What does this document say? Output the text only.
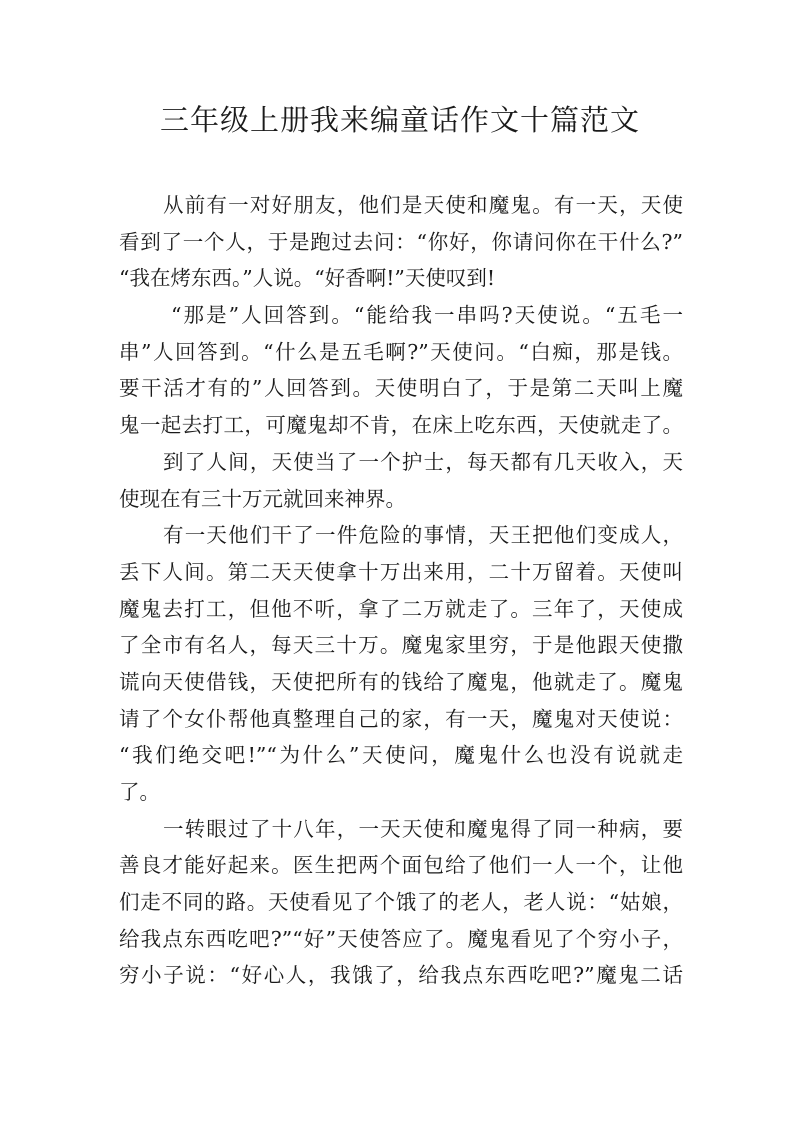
三年级上册我来编童话作文十篇范文
从前有一对好朋友，他们是天使和魔鬼。有一天，天使
看到了一个人，于是跑过去问：“你好，你请问你在干什么?”
“我在烤东西。”人说。“好香啊!”天使叹到!
“那是”人回答到。“能给我一串吗?天使说。“五毛一
串”人回答到。“什么是五毛啊?”天使问。“白痴，那是钱。
要干活才有的”人回答到。天使明白了，于是第二天叫上魔
鬼一起去打工，可魔鬼却不肯，在床上吃东西，天使就走了。
到了人间，天使当了一个护士，每天都有几天收入，天
使现在有三十万元就回来神界。
有一天他们干了一件危险的事情，天王把他们变成人，
丢下人间。第二天天使拿十万出来用，二十万留着。天使叫
魔鬼去打工，但他不听，拿了二万就走了。三年了，天使成
了全市有名人，每天三十万。魔鬼家里穷，于是他跟天使撒
谎向天使借钱，天使把所有的钱给了魔鬼，他就走了。魔鬼
请了个女仆帮他真整理自己的家，有一天，魔鬼对天使说：
“我们绝交吧!”“为什么”天使问，魔鬼什么也没有说就走
了。
一转眼过了十八年，一天天使和魔鬼得了同一种病，要
善良才能好起来。医生把两个面包给了他们一人一个，让他
们走不同的路。天使看见了个饿了的老人，老人说：“姑娘，
给我点东西吃吧?”“好”天使答应了。魔鬼看见了个穷小子，
穷小子说：“好心人，我饿了，给我点东西吃吧?”魔鬼二话
